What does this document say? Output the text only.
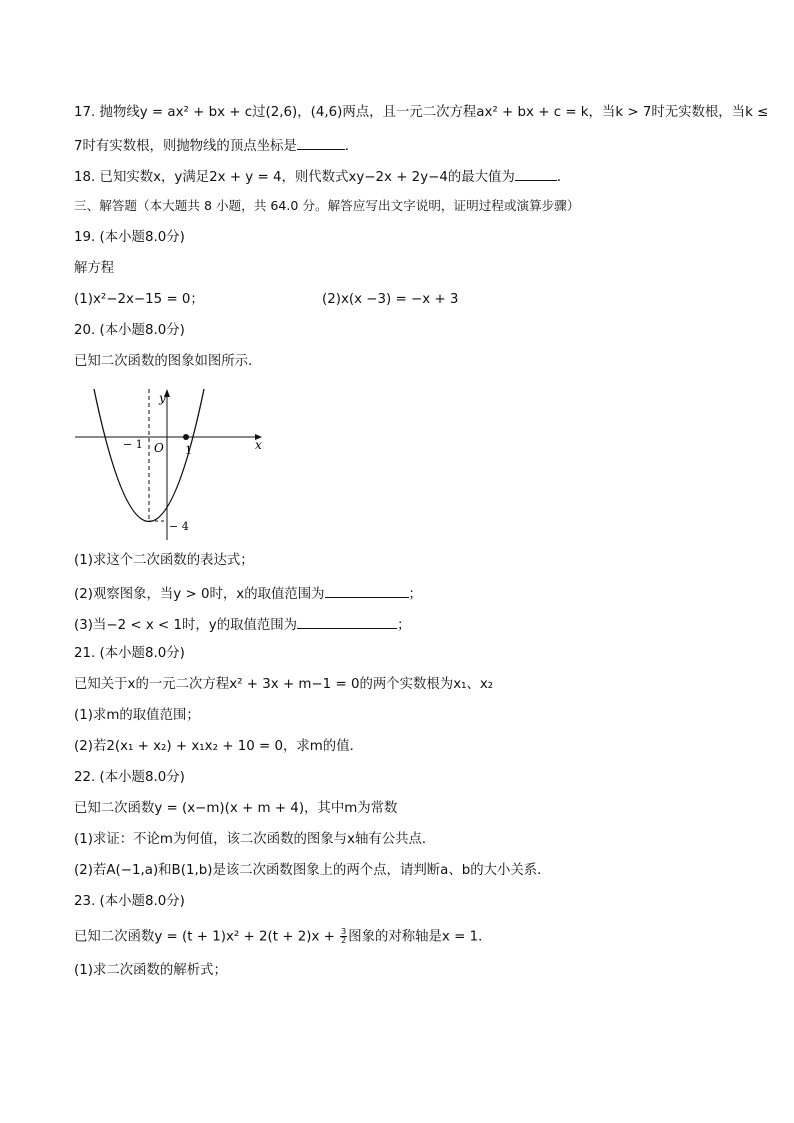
17. 抛物线y = ax² + bx + c过(2,6)，(4,6)两点，且一元二次方程ax² + bx + c = k，当k > 7时无实数根，当k ≤

7时有实数根，则抛物线的顶点坐标是	．

18. 已知实数x，y满足2x + y = 4，则代数式xy−2x + 2y−4的最大值为	．

三、解答题（本大题共 8 小题，共 64.0 分。解答应写出文字说明，证明过程或演算步骤）

19. (本小题8.0分)

解方程

(1)x²−2x−15 = 0；	(2)x(x −3) = −x + 3

20. (本小题8.0分)

已知二次函数的图象如图所示．

y
x
O
− 1	1
− 4

(1)求这个二次函数的表达式；

(2)观察图象，当y > 0时，x的取值范围为	；

(3)当−2 < x < 1时，y的取值范围为	；

21. (本小题8.0分)

已知关于x的一元二次方程x² + 3x + m−1 = 0的两个实数根为x₁、x₂

(1)求m的取值范围；

(2)若2(x₁ + x₂) + x₁x₂ + 10 = 0，求m的值．

22. (本小题8.0分)

已知二次函数y = (x−m)(x + m + 4)，其中m为常数

(1)求证：不论m为何值，该二次函数的图象与x轴有公共点．

(2)若A(−1,a)和B(1,b)是该二次函数图象上的两个点，请判断a、b的大小关系．

23. (本小题8.0分)

已知二次函数$y = (t + 1)x^2 + 2(t + 2)x + \frac{3}{2}$ 图象的对称轴是x = 1．

(1)求二次函数的解析式；
